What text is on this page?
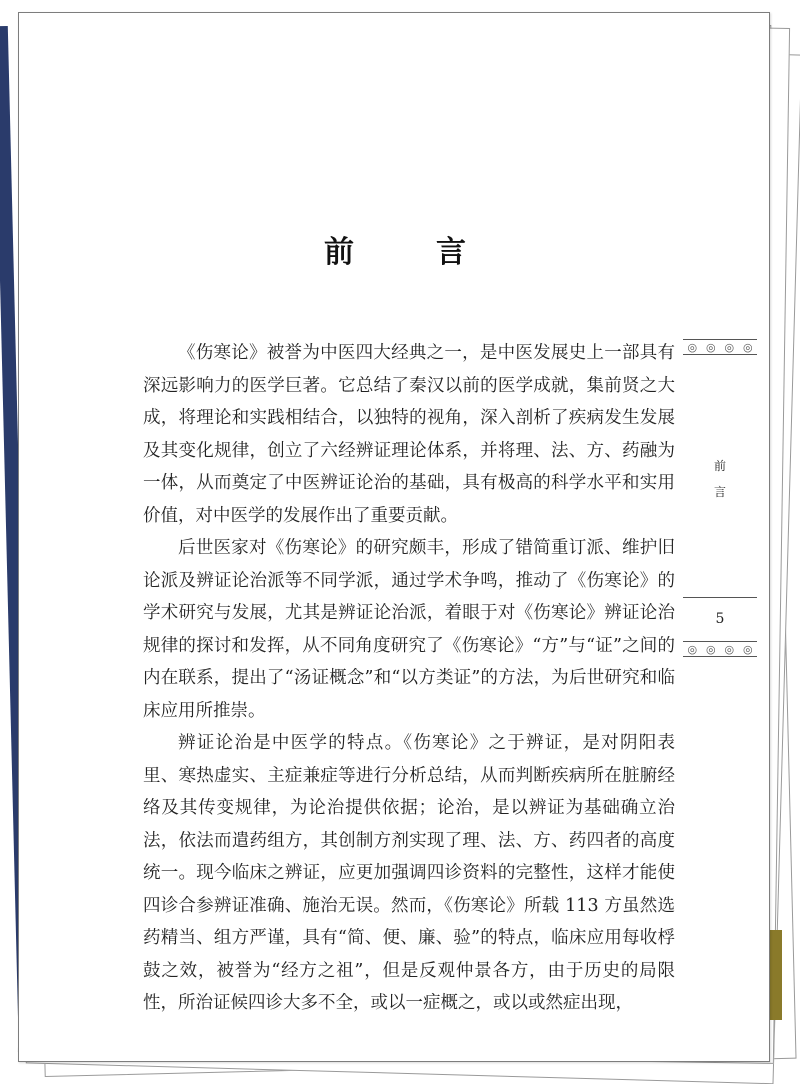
前　言

《伤寒论》被誉为中医四大经典之一，是中医发展史上一部具有深远影响力的医学巨著。它总结了秦汉以前的医学成就，集前贤之大成，将理论和实践相结合，以独特的视角，深入剖析了疾病发生发展及其变化规律，创立了六经辨证理论体系，并将理、法、方、药融为一体，从而奠定了中医辨证论治的基础，具有极高的科学水平和实用价值，对中医学的发展作出了重要贡献。

后世医家对《伤寒论》的研究颇丰，形成了错简重订派、维护旧论派及辨证论治派等不同学派，通过学术争鸣，推动了《伤寒论》的学术研究与发展，尤其是辨证论治派，着眼于对《伤寒论》辨证论治规律的探讨和发挥，从不同角度研究了《伤寒论》“方”与“证”之间的内在联系，提出了“汤证概念”和“以方类证”的方法，为后世研究和临床应用所推崇。

辨证论治是中医学的特点。《伤寒论》之于辨证，是对阴阳表里、寒热虚实、主症兼症等进行分析总结，从而判断疾病所在脏腑经络及其传变规律，为论治提供依据；论治，是以辨证为基础确立治法，依法而遣药组方，其创制方剂实现了理、法、方、药四者的高度统一。现今临床之辨证，应更加强调四诊资料的完整性，这样才能使四诊合参辨证准确、施治无误。然而，《伤寒论》所载 113 方虽然选药精当、组方严谨，具有“简、便、廉、验”的特点，临床应用每收桴鼓之效，被誉为“经方之祖”，但是反观仲景各方，由于历史的局限性，所治证候四诊大多不全，或以一症概之，或以或然症出现，

◎ ◎ ◎ ◎
前
言
5
◎ ◎ ◎ ◎
